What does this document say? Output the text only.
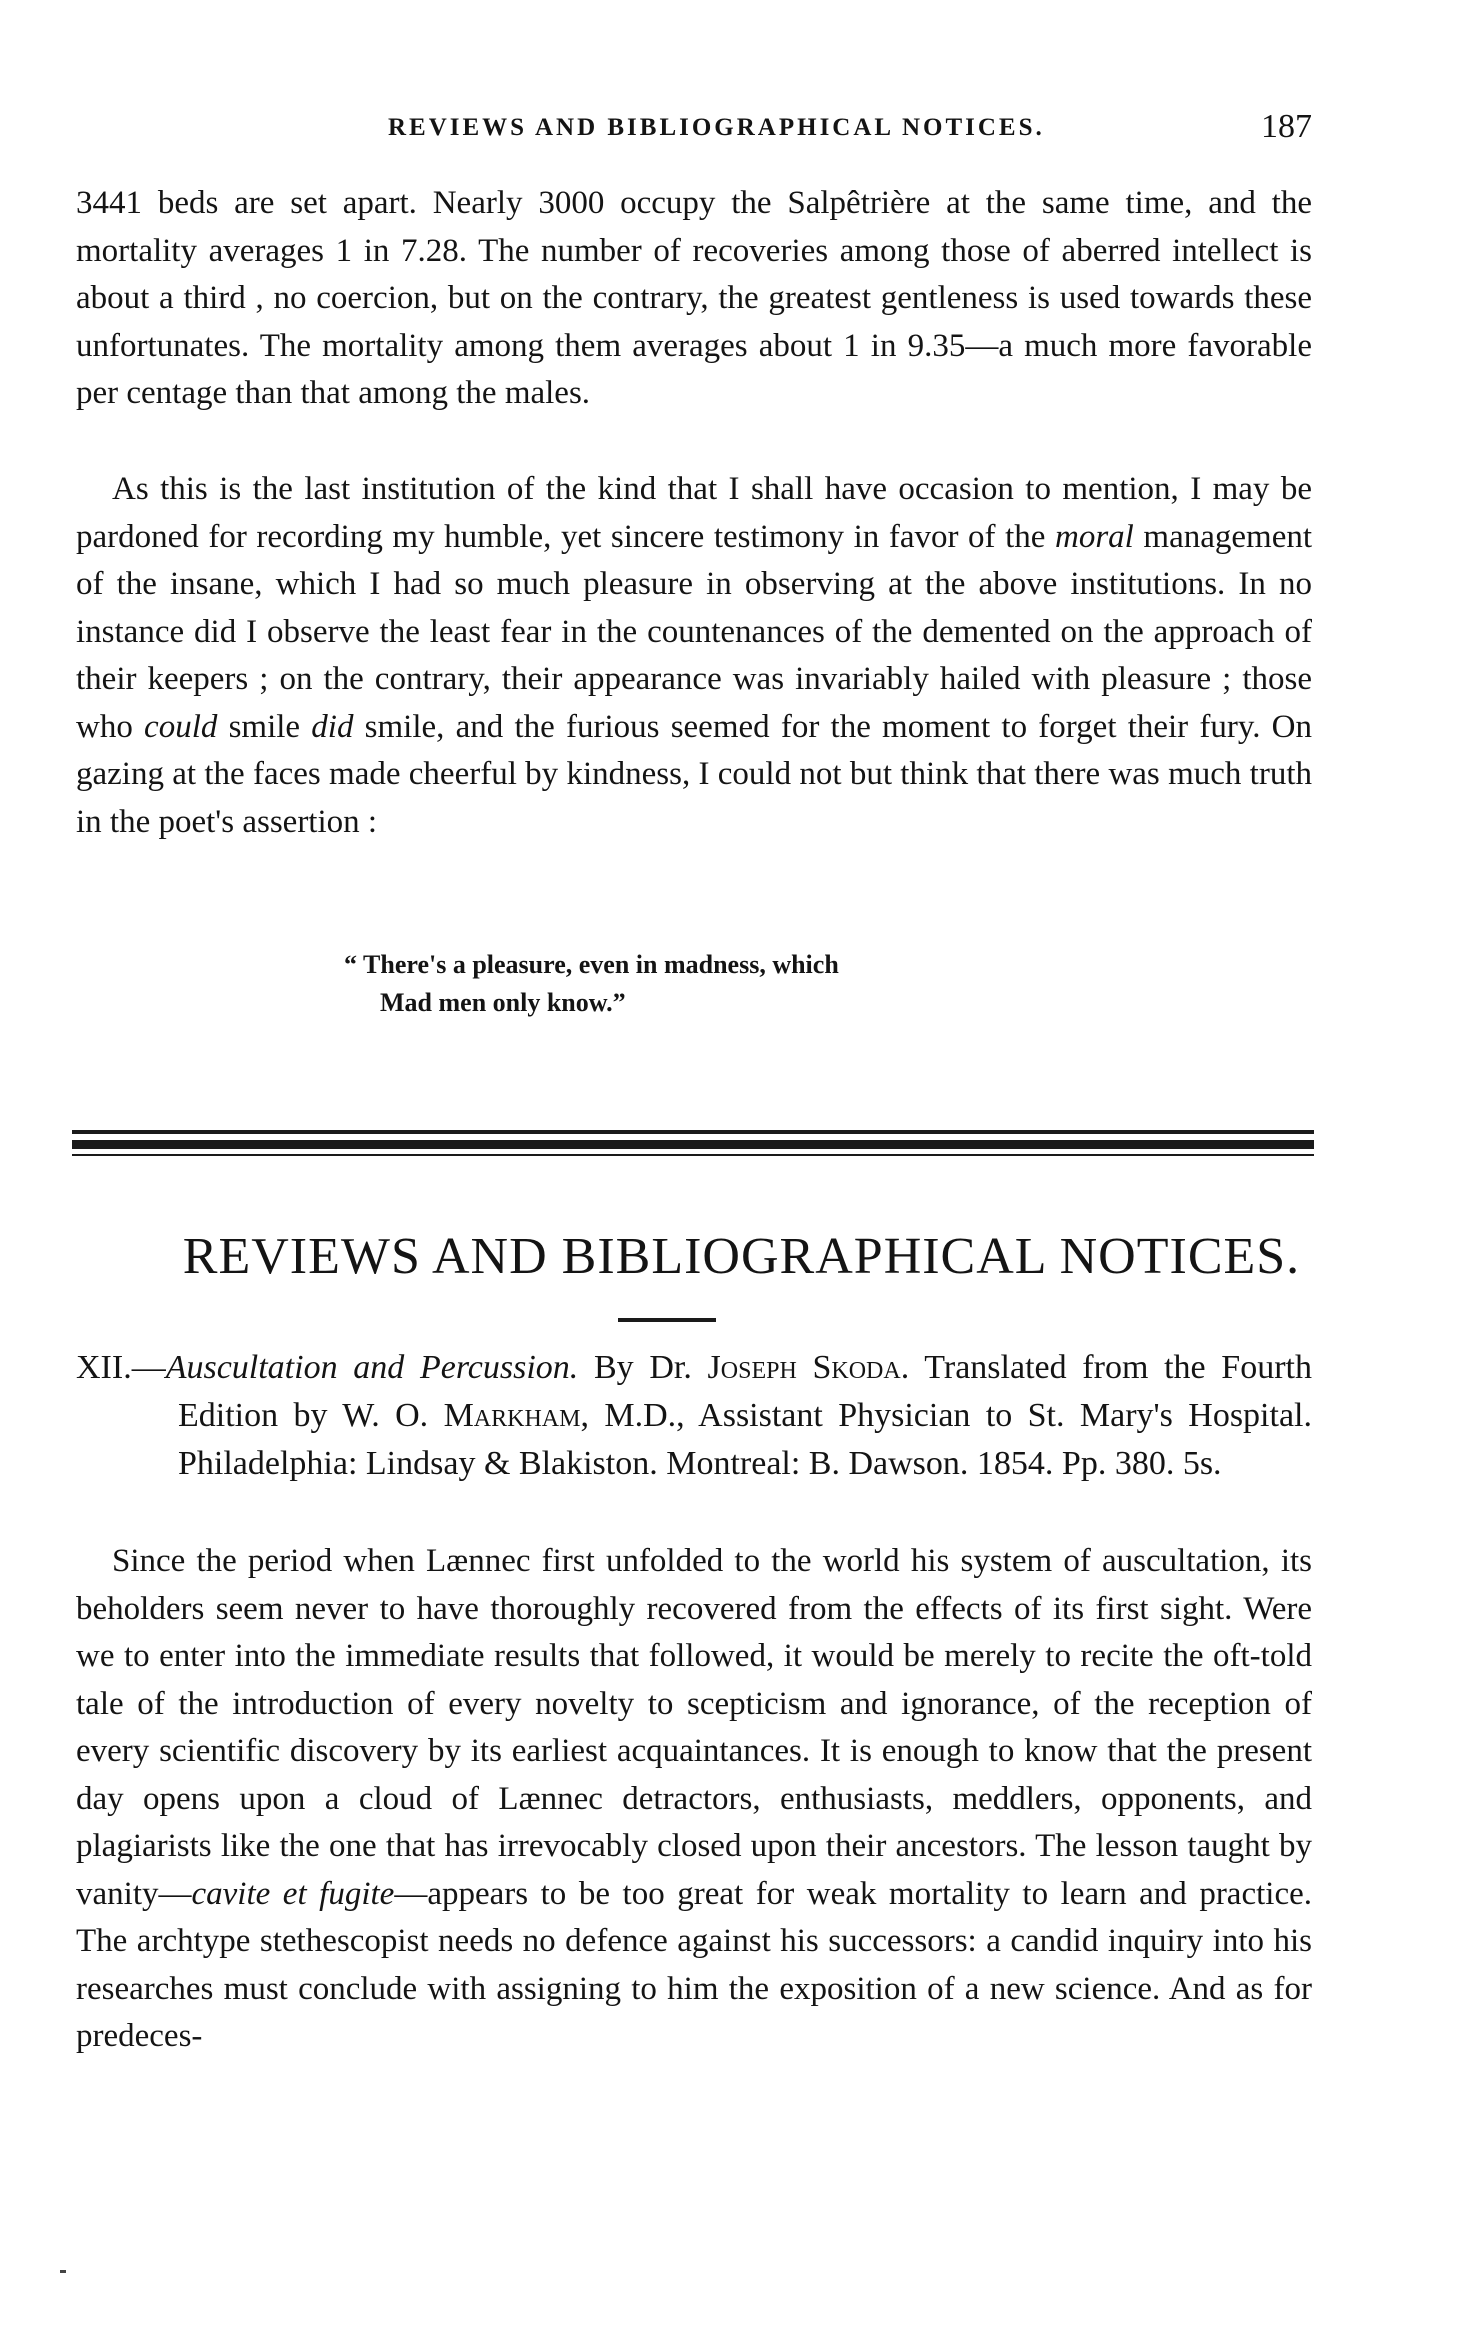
REVIEWS AND BIBLIOGRAPHICAL NOTICES.	187

3441 beds are set apart. Nearly 3000 occupy the Salpêtrière at the same time, and the mortality averages 1 in 7.28. The number of recoveries among those of aberred intellect is about a third , no coercion, but on the contrary, the greatest gentleness is used towards these unfortunates. The mortality among them averages about 1 in 9.35—a much more favorable per centage than that among the males.

As this is the last institution of the kind that I shall have occasion to mention, I may be pardoned for recording my humble, yet sincere testimony in favor of the moral management of the insane, which I had so much pleasure in observing at the above institutions. In no instance did I observe the least fear in the countenances of the demented on the approach of their keepers ; on the contrary, their appearance was invariably hailed with pleasure ; those who could smile did smile, and the furious seemed for the moment to forget their fury. On gazing at the faces made cheerful by kindness, I could not but think that there was much truth in the poet's assertion :

“ There's a pleasure, even in madness, which
Mad men only know.”
REVIEWS AND BIBLIOGRAPHICAL NOTICES.
XII.—Auscultation and Percussion. By Dr. Joseph Skoda. Translated from the Fourth Edition by W. O. Markham, M.D., Assistant Physician to St. Mary's Hospital. Philadelphia: Lindsay & Blakiston. Montreal: B. Dawson. 1854. Pp. 380. 5s.

Since the period when Lænnec first unfolded to the world his system of auscultation, its beholders seem never to have thoroughly recovered from the effects of its first sight. Were we to enter into the immediate results that followed, it would be merely to recite the oft-told tale of the introduction of every novelty to scepticism and ignorance, of the reception of every scientific discovery by its earliest acquaintances. It is enough to know that the present day opens upon a cloud of Lænnec detractors, enthusiasts, meddlers, opponents, and plagiarists like the one that has irrevocably closed upon their ancestors. The lesson taught by vanity—cavite et fugite—appears to be too great for weak mortality to learn and practice. The archtype stethescopist needs no defence against his successors: a candid inquiry into his researches must conclude with assigning to him the exposition of a new science. And as for predeces-
